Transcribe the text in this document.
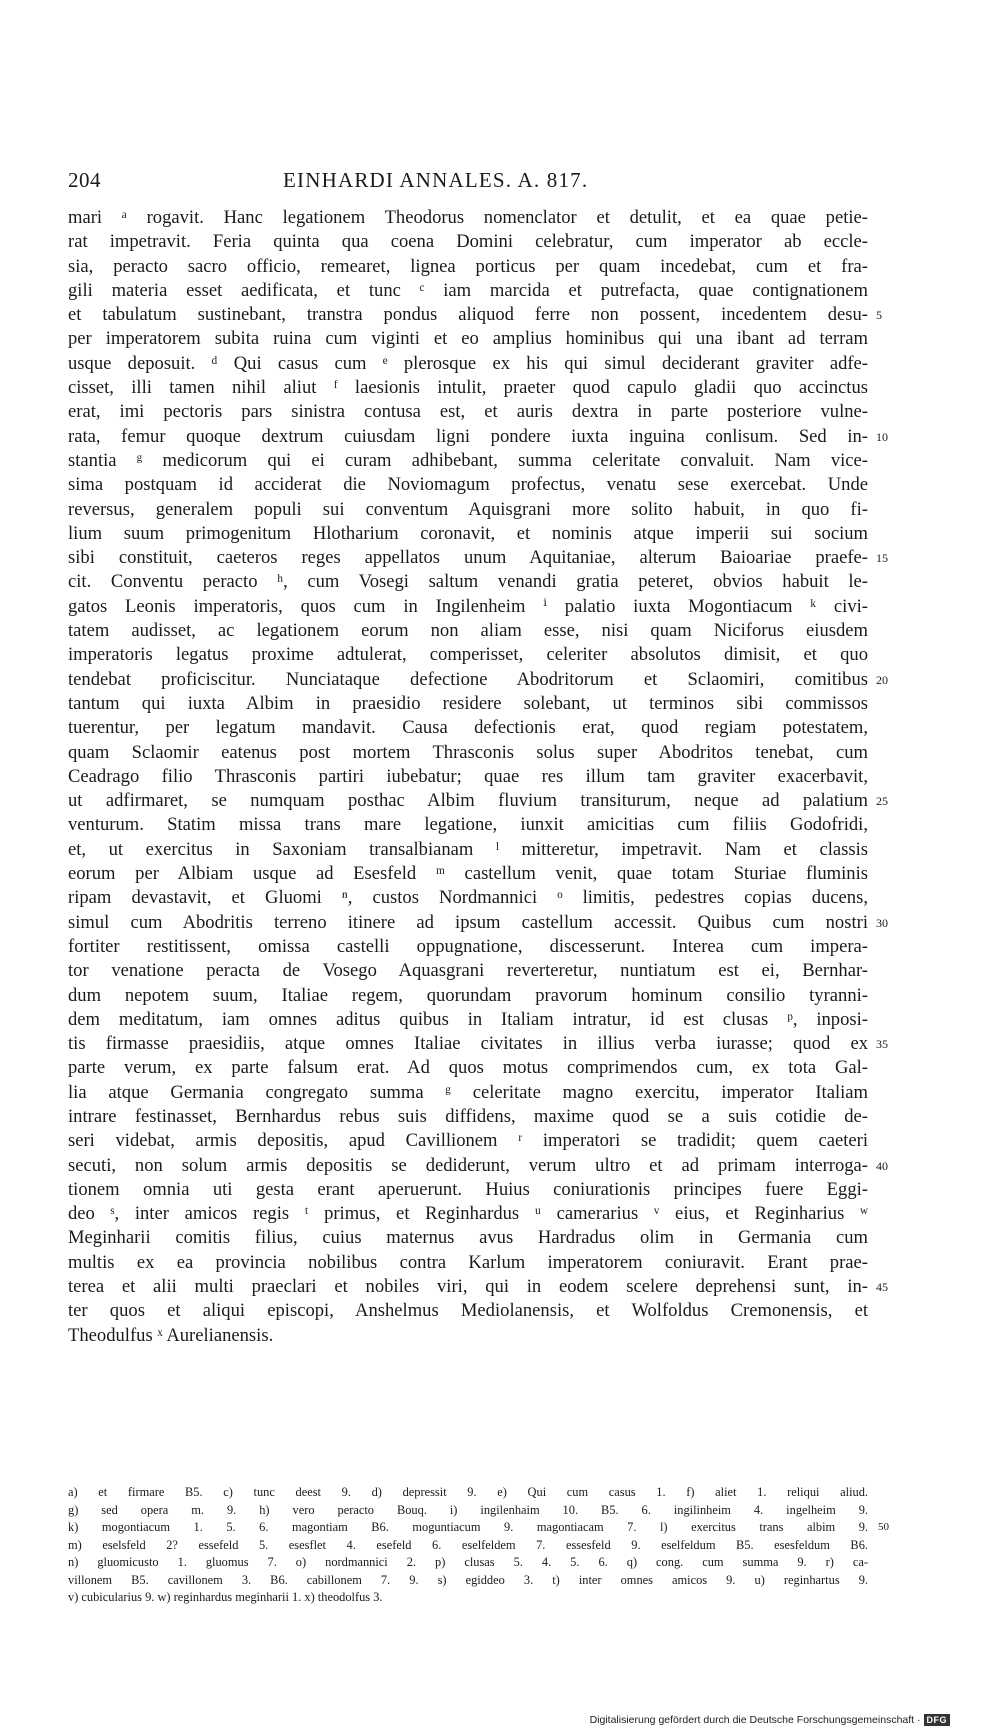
204	EINHARDI ANNALES. A. 817.
mari ᵃ rogavit. Hanc legationem Theodorus nomenclator et detulit, et ea quae petie-
rat impetravit. Feria quinta qua coena Domini celebratur, cum imperator ab eccle-
sia, peracto sacro officio, remearet, lignea porticus per quam incedebat, cum et fra-
gili materia esset aedificata, et tunc ᶜ iam marcida et putrefacta, quae contignationem
et tabulatum sustinebant, transtra pondus aliquod ferre non possent, incedentem desu-
per imperatorem subita ruina cum viginti et eo amplius hominibus qui una ibant ad terram
usque deposuit. ᵈ Qui casus cum ᵉ plerosque ex his qui simul deciderant graviter adfe-
cisset, illi tamen nihil aliut ᶠ laesionis intulit, praeter quod capulo gladii quo accinctus
erat, imi pectoris pars sinistra contusa est, et auris dextra in parte posteriore vulne-
rata, femur quoque dextrum cuiusdam ligni pondere iuxta inguina conlisum. Sed in-
stantia ᵍ medicorum qui ei curam adhibebant, summa celeritate convaluit. Nam vice-
sima postquam id acciderat die Noviomagum profectus, venatu sese exercebat. Unde
reversus, generalem populi sui conventum Aquisgrani more solito habuit, in quo fi-
lium suum primogenitum Hlotharium coronavit, et nominis atque imperii sui socium
sibi constituit, caeteros reges appellatos unum Aquitaniae, alterum Baioariae praefe-
cit. Conventu peracto ʰ, cum Vosegi saltum venandi gratia peteret, obvios habuit le-
gatos Leonis imperatoris, quos cum in Ingilenheim ⁱ palatio iuxta Mogontiacum ᵏ civi-
tatem audisset, ac legationem eorum non aliam esse, nisi quam Niciforus eiusdem
imperatoris legatus proxime adtulerat, comperisset, celeriter absolutos dimisit, et quo
tendebat proficiscitur. Nunciataque defectione Abodritorum et Sclaomiri, comitibus
tantum qui iuxta Albim in praesidio residere solebant, ut terminos sibi commissos
tuerentur, per legatum mandavit. Causa defectionis erat, quod regiam potestatem,
quam Sclaomir eatenus post mortem Thrasconis solus super Abodritos tenebat, cum
Ceadrago filio Thrasconis partiri iubebatur; quae res illum tam graviter exacerbavit,
ut adfirmaret, se numquam posthac Albim fluvium transiturum, neque ad palatium
venturum. Statim missa trans mare legatione, iunxit amicitias cum filiis Godofridi,
et, ut exercitus in Saxoniam transalbianam ˡ mitteretur, impetravit. Nam et classis
eorum per Albiam usque ad Esesfeld ᵐ castellum venit, quae totam Sturiae fluminis
ripam devastavit, et Gluomi ⁿ, custos Nordmannici ᵒ limitis, pedestres copias ducens,
simul cum Abodritis terreno itinere ad ipsum castellum accessit. Quibus cum nostri
fortiter restitissent, omissa castelli oppugnatione, discesserunt. Interea cum impera-
tor venatione peracta de Vosego Aquasgrani reverteretur, nuntiatum est ei, Bernhar-
dum nepotem suum, Italiae regem, quorundam pravorum hominum consilio tyranni-
dem meditatum, iam omnes aditus quibus in Italiam intratur, id est clusas ᵖ, inposi-
tis firmasse praesidiis, atque omnes Italiae civitates in illius verba iurasse; quod ex
parte verum, ex parte falsum erat. Ad quos motus comprimendos cum, ex tota Gal-
lia atque Germania congregato summa ᵍ celeritate magno exercitu, imperator Italiam
intrare festinasset, Bernhardus rebus suis diffidens, maxime quod se a suis cotidie de-
seri videbat, armis depositis, apud Cavillionem ʳ imperatori se tradidit; quem caeteri
secuti, non solum armis depositis se dediderunt, verum ultro et ad primam interroga-
tionem omnia uti gesta erant aperuerunt. Huius coniurationis principes fuere Eggi-
deo ˢ, inter amicos regis ᵗ primus, et Reginhardus ᵘ camerarius ᵛ eius, et Reginharius ʷ
Meginharii comitis filius, cuius maternus avus Hardradus olim in Germania cum
multis ex ea provincia nobilibus contra Karlum imperatorem coniuravit. Erant prae-
terea et alii multi praeclari et nobiles viri, qui in eodem scelere deprehensi sunt, in-
ter quos et aliqui episcopi, Anshelmus Mediolanensis, et Wolfoldus Cremonensis, et
Theodulfus ˣ Aurelianensis.
5
10
15
20
25
30
35
40
45
a) et firmare B5. c) tunc deest 9. d) depressit 9. e) Qui cum casus 1. f) aliet 1. reliqui aliud.
g) sed opera m. 9. h) vero peracto Bouq. i) ingilenhaim 10. B5. 6. ingilinheim 4. ingelheim 9.
k) mogontiacum 1. 5. 6. magontiam B6. moguntiacum 9. magontiacam 7. l) exercitus trans albim 9.
m) eselsfeld 2? essefeld 5. esesflet 4. esefeld 6. eselfeldem 7. essesfeld 9. eselfeldum B5. esesfeldum B6.
n) gluomicusto 1. gluomus 7. o) nordmannici 2. p) clusas 5. 4. 5. 6. q) cong. cum summa 9. r) ca-
villonem B5. cavillonem 3. B6. cabillonem 7. 9. s) egiddeo 3. t) inter omnes amicos 9. u) reginhartus 9.
v) cubicularius 9. w) reginhardus meginharii 1. x) theodolfus 3.
50
Digitalisierung gefördert durch die Deutsche Forschungsgemeinschaft · DFG
